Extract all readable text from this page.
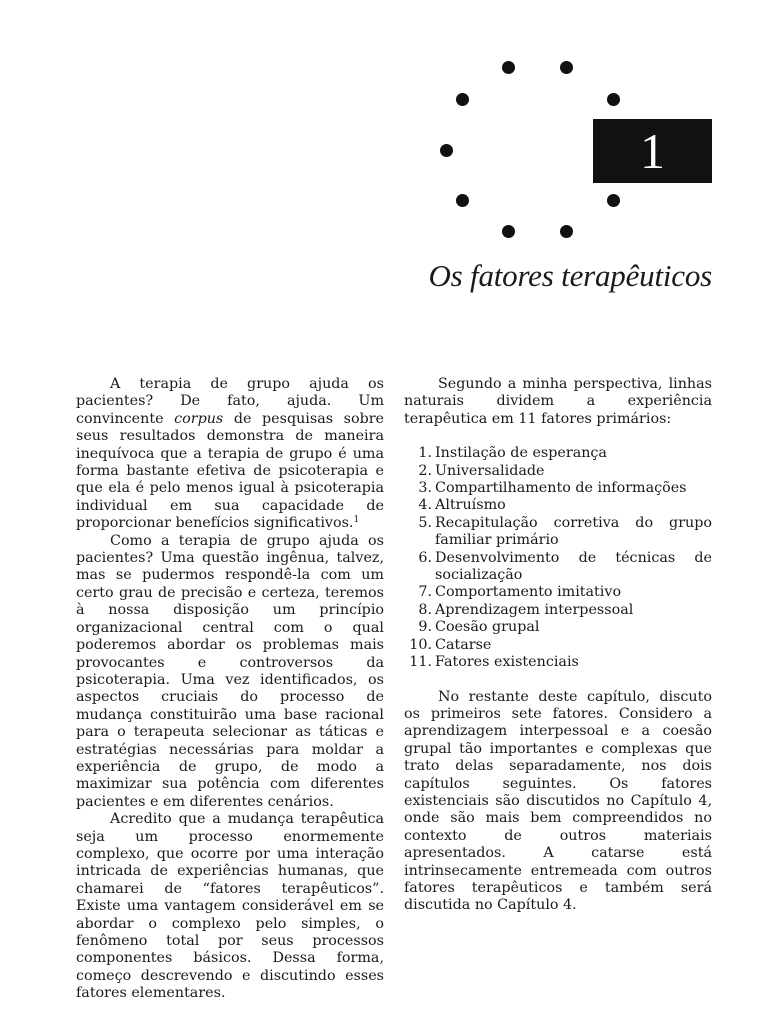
1
Os fatores terapêuticos

A terapia de grupo ajuda os pacientes? De fato, ajuda. Um convincente corpus de pesquisas sobre seus resultados demonstra de maneira inequívoca que a terapia de grupo é uma forma bastante efetiva de psicoterapia e que ela é pelo menos igual à psicoterapia individual em sua capacidade de proporcionar benefícios significativos.$^1$

Como a terapia de grupo ajuda os pacientes? Uma questão ingênua, talvez, mas se pudermos respondê-la com um certo grau de precisão e certeza, teremos à nossa disposição um princípio organizacional central com o qual poderemos abordar os problemas mais provocantes e controversos da psicoterapia. Uma vez identificados, os aspectos cruciais do processo de mudança constituirão uma base racional para o terapeuta selecionar as táticas e estratégias necessárias para moldar a experiência de grupo, de modo a maximizar sua potência com diferentes pacientes e em diferentes cenários.

Acredito que a mudança terapêutica seja um processo enormemente complexo, que ocorre por uma interação intricada de experiências humanas, que chamarei de “fatores terapêuticos”. Existe uma vantagem considerável em se abordar o complexo pelo simples, o fenômeno total por seus processos componentes básicos. Dessa forma, começo descrevendo e discutindo esses fatores elementares.

Segundo a minha perspectiva, linhas naturais dividem a experiência terapêutica em 11 fatores primários:

1. Instilação de esperança
2. Universalidade
3. Compartilhamento de informações
4. Altruísmo
5. Recapitulação corretiva do grupo familiar primário
6. Desenvolvimento de técnicas de socialização
7. Comportamento imitativo
8. Aprendizagem interpessoal
9. Coesão grupal
10. Catarse
11. Fatores existenciais

No restante deste capítulo, discuto os primeiros sete fatores. Considero a aprendizagem interpessoal e a coesão grupal tão importantes e complexas que trato delas separadamente, nos dois capítulos seguintes. Os fatores existenciais são discutidos no Capítulo 4, onde são mais bem compreendidos no contexto de outros materiais apresentados. A catarse está intrinsecamente entremeada com outros fatores terapêuticos e também será discutida no Capítulo 4.
